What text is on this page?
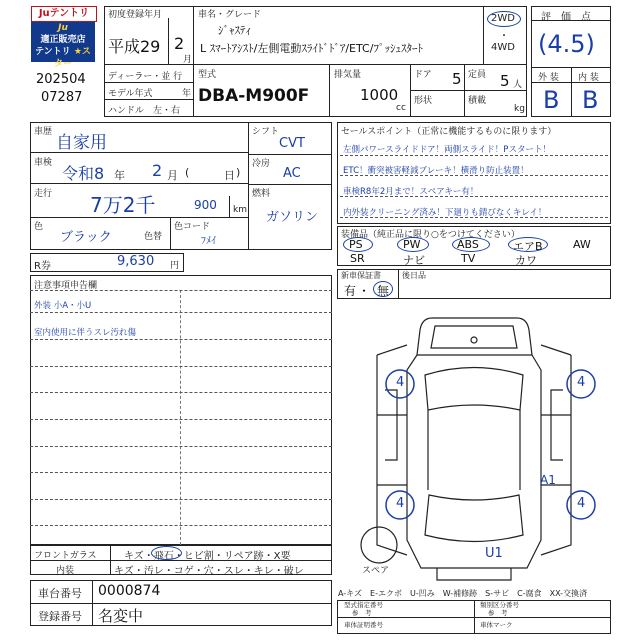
Juテントリ
Ju
適正販売店
テントリ ★スター
202504
07287
初度登録年月
平成29 2
月
ディーラー・並 行
モデル年式	年
ハンドル　左・右
車名・グレード
ｼﾞｬｽﾃｨ
L ｽﾏｰﾄｱｼｽﾄ/左側電動ｽﾗｲﾄﾞﾄﾞｱ/ETC/ﾌﾟｯｼｭｽﾀｰﾄ
2WD
・
4WD
型式
DBA-M900F
排気量
1000
cc
ドア 5
形状
定員 5 人
積載
kg
評　価　点
(4.5)
外 装 内 装
B B
車歴
自家用
車検
令和8 年 2 月 (	)
日
走行 7万2千	900 km
色
ブラック	色替
色コード
ﾌﾒｲ
シフト
CVT
冷房
AC
燃料
ガソリン
R券	9,630 円
セールスポイント（正常に機能するものに限ります）
左側パワースライドドア！両側スライド！Pスタート！
ETC！衝突被害軽減ブレーキ！横滑り防止装置！
車検R8年2月まで！スペアキー有！
内外装クリーニング済み！下廻りも錆びなくキレイ！
装備品（純正品に限り○をつけてください）
PS	PW	ABS	エアB	AW
SR	ナビ	TV	カワ
新車保証書	後日品
有 ・ 無
注意事項申告欄
外装 小A・小U
室内使用に伴うスレ汚れ傷
フロントガラス	キズ・飛石・ヒビ割・リペア跡・X要
内装	キズ・汚レ・コゲ・穴・スレ・キレ・破レ
車台番号 0000874
登録番号 名変中
4	4
4	4
A1
U1
スペア
A-キズ　E-エクボ　U-凹み　W-補修跡　S-サビ　C-腐食　XX-交換済
型式指定番号
参　考
類別区分番号
参　考
車体証明番号	車体マーク
